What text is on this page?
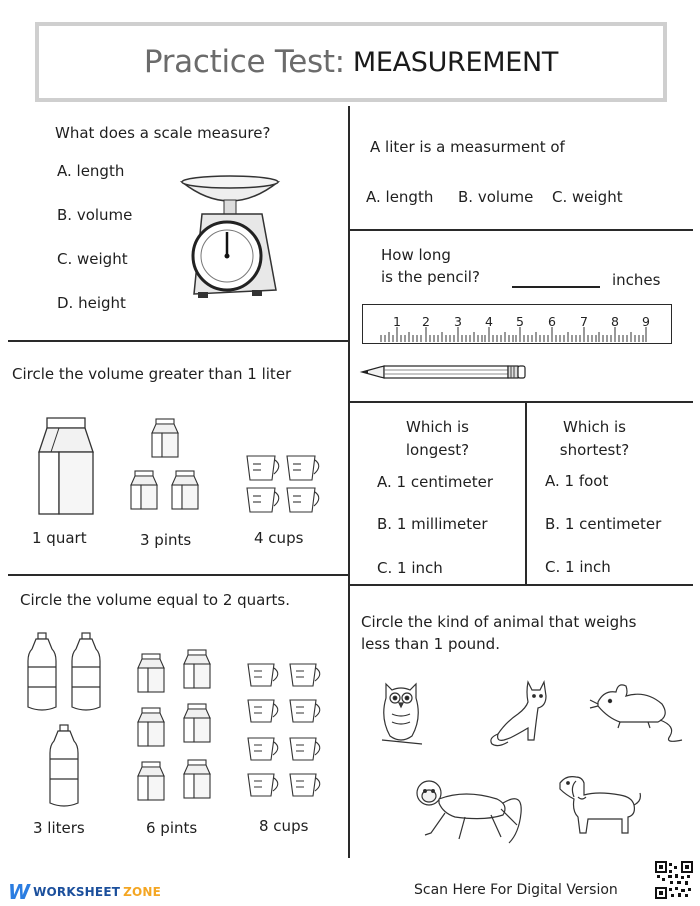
Practice Test: MEASUREMENT
What does a scale measure?
A. length
B. volume
C. weight
D. height
A liter is a measurment of
A. length B. volume C. weight
How long
is the pencil?	inches
1 2 3 4 5 6 7 8 9
Circle the volume greater than 1 liter
1 quart	3 pints	4 cups
Which is
longest?
A. 1 centimeter
B. 1 millimeter
C. 1 inch
Which is
shortest?
A. 1 foot
B. 1 centimeter
C. 1 inch
Circle the volume equal to 2 quarts.
3 liters	6 pints	8 cups
Circle the kind of animal that weighs
less than 1 pound.
W WORKSHEET ZONE	Scan Here For Digital Version
